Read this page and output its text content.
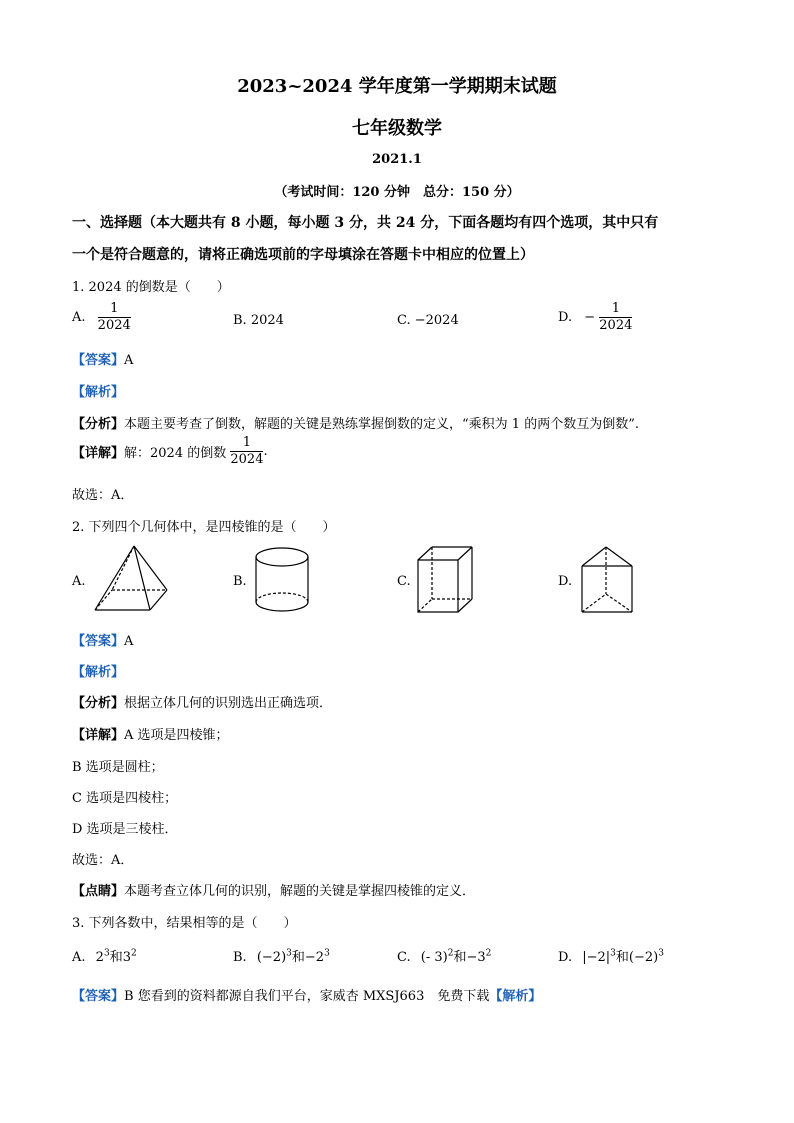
2023~2024 学年度第一学期期末试题
七年级数学
2021.1
（考试时间：120 分钟　总分：150 分）
一、选择题（本大题共有 8 小题，每小题 3 分，共 24 分，下面各题均有四个选项，其中只有
一个是符合题意的，请将正确选项前的字母填涂在答题卡中相应的位置上）
1. 2024 的倒数是（　　）
A. $\frac{1}{2024}$	B. 2024	C. −2024	D. − $\frac{1}{2024}$
【答案】A
【解析】
【分析】本题主要考查了倒数，解题的关键是熟练掌握倒数的定义，“乘积为 1 的两个数互为倒数”.
【详解】解：2024 的倒数 $\frac{1}{2024}$ .
故选：A．
2. 下列四个几何体中，是四棱锥的是（　　）
A.	B.	C.	D.
【答案】A
【解析】
【分析】根据立体几何的识别选出正确选项．
【详解】A 选项是四棱锥；
B 选项是圆柱；
C 选项是四棱柱；
D 选项是三棱柱．
故选：A．
【点睛】本题考查立体几何的识别，解题的关键是掌握四棱锥的定义．
3. 下列各数中，结果相等的是（　　）
A. $2^3$和$3^2$	B. $(-2)^3$和$-2^3$	C. (- 3)$^2$和$-3^2$	D. $|-2|^3$和$(-2)^3$
【答案】B 您看到的资料都源自我们平台，家威杏 MXSJ663　免费下载【解析】
